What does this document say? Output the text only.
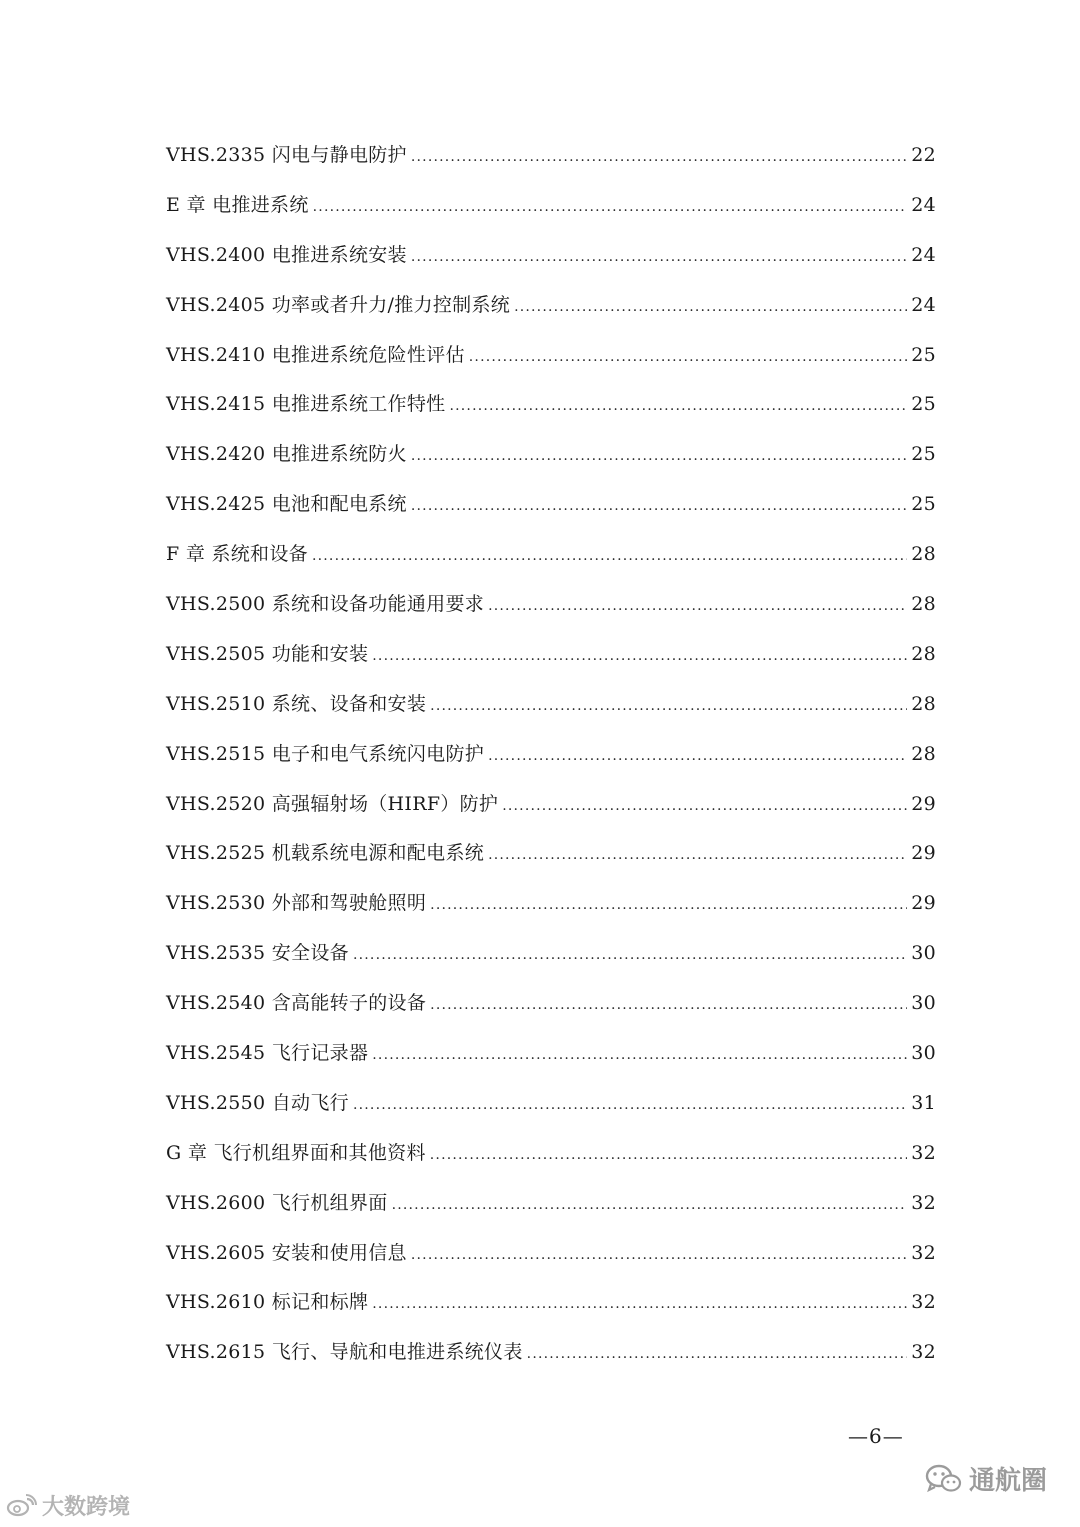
VHS.2335 闪电与静电防护 .....	22
E 章 电推进系统 .....	24
VHS.2400 电推进系统安装 .....	24
VHS.2405 功率或者升力/推力控制系统 .....	24
VHS.2410 电推进系统危险性评估 .....	25
VHS.2415 电推进系统工作特性 .....	25
VHS.2420 电推进系统防火 .....	25
VHS.2425 电池和配电系统 .....	25
F 章 系统和设备 .....	28
VHS.2500 系统和设备功能通用要求 .....	28
VHS.2505 功能和安装 .....	28
VHS.2510 系统、设备和安装 .....	28
VHS.2515 电子和电气系统闪电防护 .....	28
VHS.2520 高强辐射场（HIRF）防护 .....	29
VHS.2525 机载系统电源和配电系统 .....	29
VHS.2530 外部和驾驶舱照明 .....	29
VHS.2535 安全设备 .....	30
VHS.2540 含高能转子的设备 .....	30
VHS.2545 飞行记录器 .....	30
VHS.2550 自动飞行 .....	31
G 章 飞行机组界面和其他资料 .....	32
VHS.2600 飞行机组界面 .....	32
VHS.2605 安装和使用信息 .....	32
VHS.2610 标记和标牌 .....	32
VHS.2615 飞行、导航和电推进系统仪表 .....	32
—6—
大数跨境
通航圈
